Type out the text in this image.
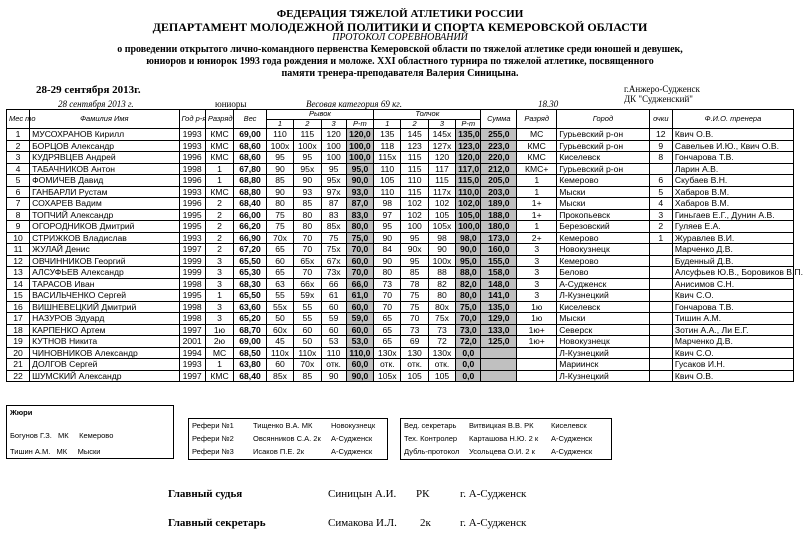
ФЕДЕРАЦИЯ ТЯЖЕЛОЙ АТЛЕТИКИ РОССИИ
ДЕПАРТАМЕНТ МОЛОДЕЖНОЙ ПОЛИТИКИ И СПОРТА КЕМЕРОВСКОЙ ОБЛАСТИ
ПРОТОКОЛ СОРЕВНОВАНИЙ
о проведении открытого лично-командного первенства Кемеровской области по тяжелой атлетике среди юношей и девушек,
юниоров и юниорок 1993 года рождения и моложе. XXI областного турнира по тяжелой атлетике, посвященного
памяти тренера-преподавателя Валерия Синицына.
28-29 сентября 2013г.	г.Анжеро-Судженск
ДК "Судженский"
28 сентября 2013 г.	юниоры	Весовая категория 69 кг.	18.30
Мес то	Фамилия Имя	Год р-я	Разряд	Вес	Рывок				Толчок				Сумма	Разряд	Город	очки	Ф.И.О. тренера
					1	2	3	Р-т	1	2	3	Р-т					
1	МУСОХРАНОВ Кирилл	1993	КМС	69,00	110	115	120	120,0	135	145	145x	135,0	255,0	МС	Гурьевский р-он	12	Квич О.В.
2	БОРЦОВ Александр	1993	КМС	68,60	100x	100x	100	100,0	118	123	127x	123,0	223,0	КМС	Гурьевский р-он	9	Савельев И.Ю., Квич О.В.
3	КУДРЯВЦЕВ Андрей	1996	КМС	68,60	95	95	100	100,0	115x	115	120	120,0	220,0	КМС	Киселевск	8	Гончарова Т.В.
4	ТАБАЧНИКОВ Антон	1998	1	67,80	90	95x	95	95,0	110	115	117	117,0	212,0	КМС+	Гурьевский р-он		Ларин А.В.
5	ФОМИЧЕВ Давид	1996	1	68,80	85	90	95x	90,0	105	110	115	115,0	205,0	1	Кемерово	6	Скубаев В.Н.
6	ГАНБАРЛИ Рустам	1993	КМС	68,80	90	93	97x	93,0	110	115	117x	110,0	203,0	1	Мыски	5	Хабаров В.М.
7	СОХАРЕВ Вадим	1996	2	68,40	80	85	87	87,0	98	102	102	102,0	189,0	1+	Мыски	4	Хабаров В.М.
8	ТОПЧИЙ Александр	1995	2	66,00	75	80	83	83,0	97	102	105	105,0	188,0	1+	Прокопьевск	3	Гиньгаев Е.Г., Дунин А.В.
9	ОГОРОДНИКОВ Дмитрий	1995	2	66,20	75	80	85x	80,0	95	100	105x	100,0	180,0	1	Березовский	2	Гуляев Е.А.
10	СТРИЖКОВ Владислав	1993	2	66,90	70x	70	75	75,0	90	95	98	98,0	173,0	2+	Кемерово	1	Журавлев В.И.
11	ЖУЛАЙ Денис	1997	2	67,20	65	70	75x	70,0	84	90x	90	90,0	160,0	3	Новокузнецк		Марченко Д.В.
12	ОВЧИННИКОВ Георгий	1999	3	65,50	60	65x	67x	60,0	90	95	100x	95,0	155,0	3	Кемерово		Буденный Д.В.
13	АЛСУФЬЕВ Александр	1999	3	65,30	65	70	73x	70,0	80	85	88	88,0	158,0	3	Белово		Алсуфьев Ю.В., Боровиков В.П.
14	ТАРАСОВ Иван	1998	3	68,30	63	66x	66	66,0	73	78	82	82,0	148,0	3	А-Судженск		Анисимов С.Н.
15	ВАСИЛЬЧЕНКО Сергей	1995	1	65,50	55	59x	61	61,0	70	75	80	80,0	141,0	3	Л-Кузнецкий		Квич С.О.
16	ВИШНЕВЕЦКИЙ Дмитрий	1998	3	63,60	55x	55	60	60,0	70	75	80x	75,0	135,0	1ю	Киселевск		Гончарова Т.В.
17	НАЗУРОВ Эдуард	1998	3	65,20	50	55	59	59,0	65	70	75x	70,0	129,0	1ю	Мыски		Тишин А.М.
18	КАРПЕНКО Артем	1997	1ю	68,70	60x	60	60	60,0	65	73	73	73,0	133,0	1ю+	Северск		Зотин А.А., Ли Е.Г.
19	КУТНОВ Никита	2001	2ю	69,00	45	50	53	53,0	65	69	72	72,0	125,0	1ю+	Новокузнецк		Марченко Д.В.
20	ЧИНОВНИКОВ Александр	1994	МС	68,50	110x	110x	110	110,0	130x	130	130x	0,0			Л-Кузнецкий		Квич С.О.
21	ДОЛГОВ Сергей	1993	1	63,80	60	70x	отк.	60,0	отк.	отк.	отк.	0,0			Мариинск		Гусаков И.Н.
22	ШУМСКИЙ Александр	1997	КМС	68,40	85x	85	90	90,0	105x	105	105	0,0			Л-Кузнецкий		Квич О.В.
Жюри
Богунов Г.З.   МК     Кемерово
Тишин А.М.   МК     Мыски
Рефери №1	Тищенко В.А. МК Новокузнецк
Рефери №2	Овсянников С.А. 2к А-Судженск
Рефери №3	Исаков П.Е. 2к	А-Судженск
Вед. секретарь Витвицкая В.В. РК Киселевск
Тех. Контролер Карташова Н.Ю. 2 к А-Судженск
Дубль-протокол Усольцева О.И. 2 к А-Судженск
Главный судья	Синицын А.И. РК	г. А-Судженск
Главный секретарь	Симакова И.Л. 2к	г. А-Судженск
